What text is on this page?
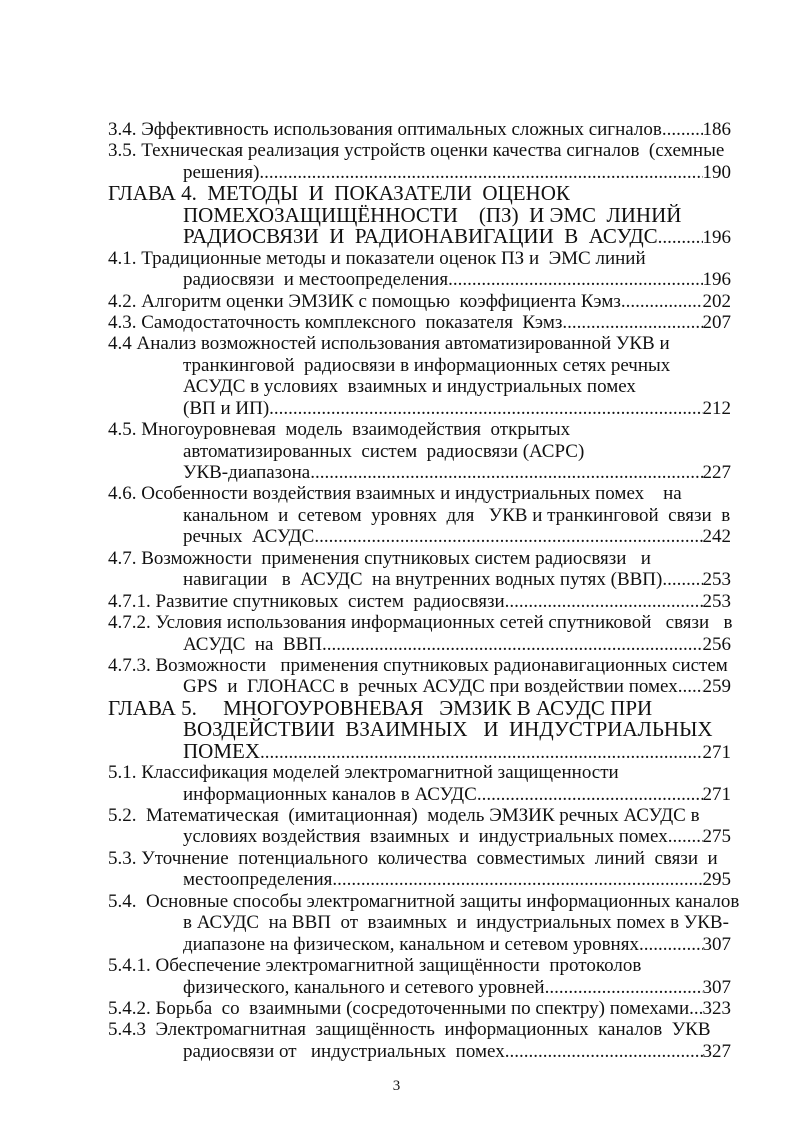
3.4. Эффективность использования оптимальных сложных сигналов ..... 186
3.5. Техническая реализация устройств оценки качества сигналов  (схемные
решения) .....	190
ГЛАВА 4.  МЕТОДЫ  И  ПОКАЗАТЕЛИ  ОЦЕНОК
ПОМЕХОЗАЩИЩЁННОСТИ    (ПЗ)  И ЭМС  ЛИНИЙ
РАДИОСВЯЗИ  И  РАДИОНАВИГАЦИИ  В  АСУДС ..... 196
4.1. Традиционные методы и показатели оценок ПЗ и  ЭМС линий
радиосвязи  и местоопределения .....	196
4.2. Алгоритм оценки ЭМЗИК с помощью  коэффициента Кэмз .....	202
4.3. Самодостаточность комплексного  показателя  Кэмз .....	207
4.4 Анализ возможностей использования автоматизированной УКВ и
транкинговой  радиосвязи в информационных сетях речных
АСУДС в условиях  взаимных и индустриальных помех
(ВП и ИП) .....	212
4.5. Многоуровневая  модель  взаимодействия  открытых
автоматизированных  систем  радиосвязи (АСРС)
УКВ-диапазона .....	227
4.6. Особенности воздействия взаимных и индустриальных помех    на
канальном  и  сетевом  уровнях  для   УКВ и транкинговой  связи  в
речных  АСУДС .....	242
4.7. Возможности  применения спутниковых систем радиосвязи   и
навигации   в  АСУДС  на внутренних водных путях (ВВП) ..... 253
4.7.1. Развитие спутниковых  систем  радиосвязи .....	253
4.7.2. Условия использования информационных сетей спутниковой   связи   в
АСУДС  на  ВВП .....	256
4.7.3. Возможности   применения спутниковых радионавигационных систем
GPS  и  ГЛОНАСС в  речных АСУДС при воздействии помех ..... 259
ГЛАВА 5.     МНОГОУРОВНЕВАЯ   ЭМЗИК В АСУДС ПРИ
ВОЗДЕЙСТВИИ  ВЗАИМНЫХ   И  ИНДУСТРИАЛЬНЫХ
ПОМЕХ .....	271
5.1. Классификация моделей электромагнитной защищенности
информационных каналов в АСУДС .....	271
5.2.  Математическая  (имитационная)  модель ЭМЗИК речных АСУДС в
условиях воздействия  взаимных  и  индустриальных помех ..... 275
5.3. Уточнение  потенциального  количества  совместимых  линий  связи  и
местоопределения .....	295
5.4.  Основные способы электромагнитной защиты информационных каналов
в АСУДС  на ВВП  от  взаимных  и  индустриальных помех в УКВ-
диапазоне на физическом, канальном и сетевом уровнях .....	307
5.4.1. Обеспечение электромагнитной защищённости  протоколов
физического, канального и сетевого уровней .....	307
5.4.2. Борьба  со  взаимными (сосредоточенными по спектру) помехами ..... 323
5.4.3  Электромагнитная  защищённость  информационных  каналов  УКВ
радиосвязи от   индустриальных  помех .....	327
3
